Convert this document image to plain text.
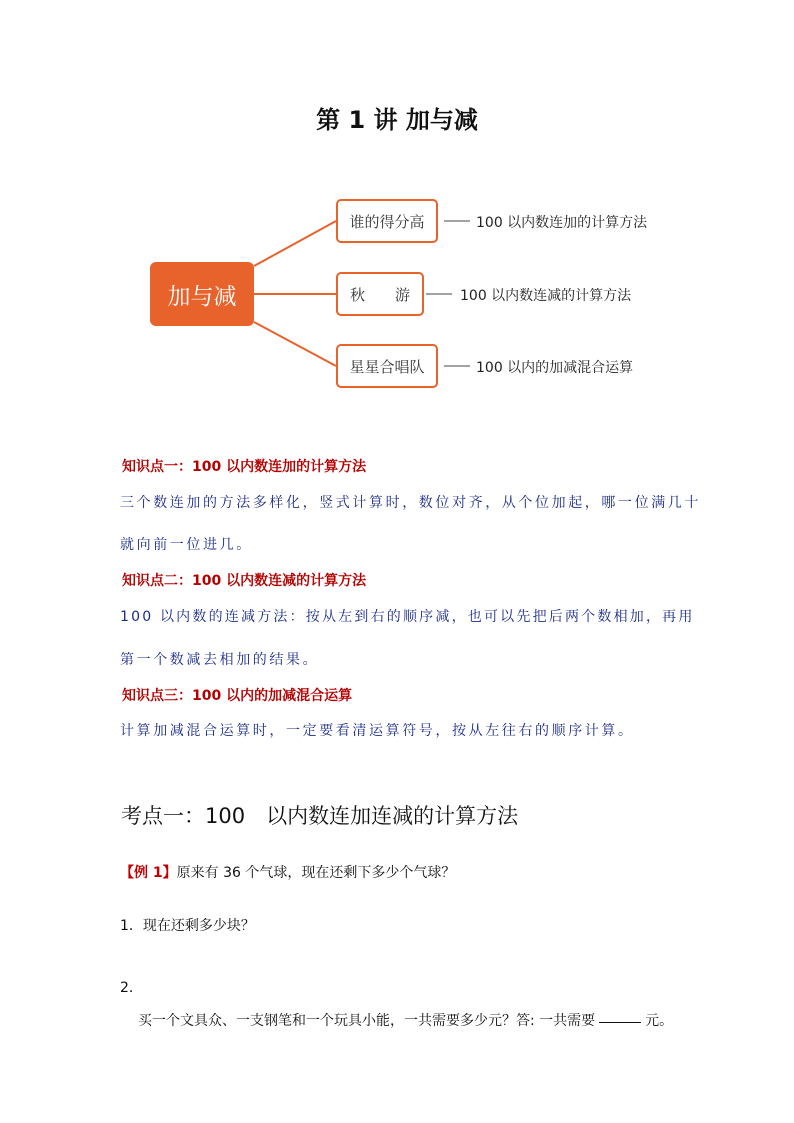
第 1 讲 加与减
加与减
谁的得分高
秋　　游
星星合唱队
100 以内数连加的计算方法
100 以内数连减的计算方法
100 以内的加减混合运算
知识点一：100 以内数连加的计算方法
三个数连加的方法多样化，竖式计算时，数位对齐，从个位加起，哪一位满几十
就向前一位进几。
知识点二：100 以内数连减的计算方法
100 以内数的连减方法：按从左到右的顺序减，也可以先把后两个数相加，再用
第一个数减去相加的结果。
知识点三：100 以内的加减混合运算
计算加减混合运算时，一定要看清运算符号，按从左往右的顺序计算。
考点一：100　以内数连加连减的计算方法
【例 1】原来有 36 个气球，现在还剩下多少个气球？
1．现在还剩多少块？
2．
买一个文具众、一支钢笔和一个玩具小能，一共需要多少元？答: 一共需要	元。
